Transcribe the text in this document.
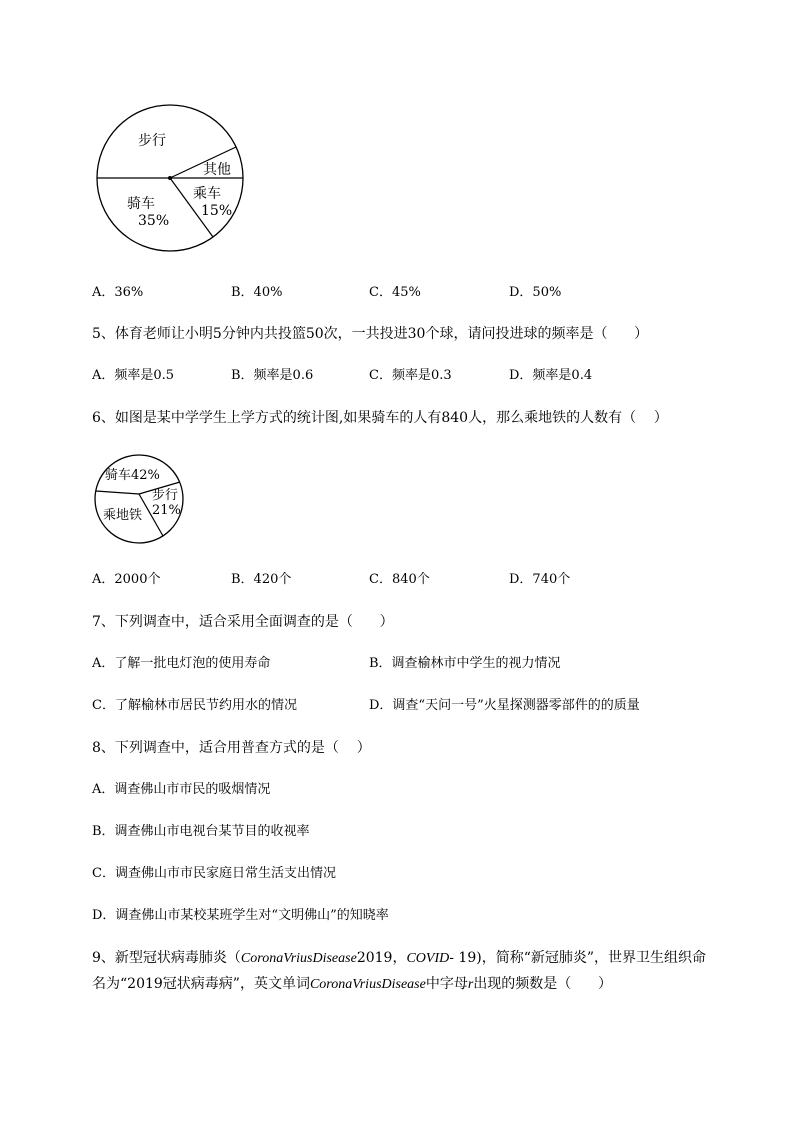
步行
其他
乘车
15%
骑车
35%
A．36%	B．40%	C．45%	D．50%
5、体育老师让小明5分钟内共投篮50次，一共投进30个球，请问投进球的频率是（      ）
A．频率是0.5	B．频率是0.6	C．频率是0.3	D．频率是0.4
6、如图是某中学学生上学方式的统计图,如果骑车的人有840人，那么乘地铁的人数有（    ）
骑车42%
步行
21%
乘地铁
A．2000个	B．420个	C．840个	D．740个
7、下列调查中，适合采用全面调查的是（      ）
A．了解一批电灯泡的使用寿命	B．调查榆林市中学生的视力情况
C．了解榆林市居民节约用水的情况	D．调查“天问一号”火星探测器零部件的的质量
8、下列调查中，适合用普查方式的是（    ）
A．调查佛山市市民的吸烟情况
B．调查佛山市电视台某节目的收视率
C．调查佛山市市民家庭日常生活支出情况
D．调查佛山市某校某班学生对“文明佛山”的知晓率
9、新型冠状病毒肺炎（CoronaVriusDisease2019，COVID- 19)，简称“新冠肺炎”，世界卫生组织命
名为“2019冠状病毒病”，英文单词CoronaVriusDisease中字母r出现的频数是（      ）
